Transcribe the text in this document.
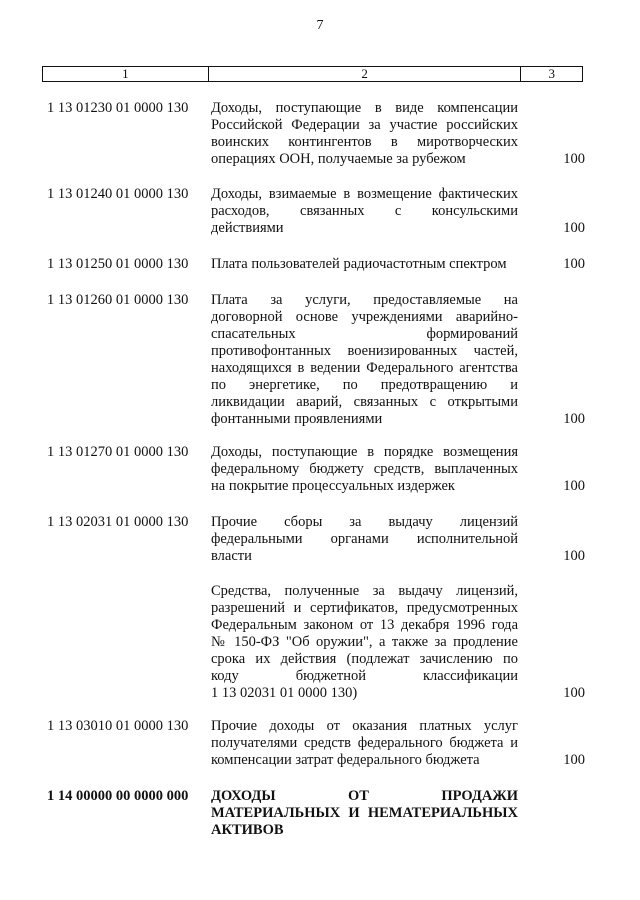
7
1	2	3
1 13 01230 01 0000 130	Доходы, поступающие в виде компенсации
Российской Федерации за участие российских
воинских контингентов в миротворческих
операциях ООН, получаемые за рубежом	100
1 13 01240 01 0000 130	Доходы, взимаемые в возмещение фактических
расходов, связанных с консульскими
действиями	100
1 13 01250 01 0000 130	Плата пользователей радиочастотным спектром	100
1 13 01260 01 0000 130	Плата за услуги, предоставляемые на
договорной основе учреждениями аварийно-
спасательных формирований
противофонтанных военизированных частей,
находящихся в ведении Федерального агентства
по энергетике, по предотвращению и
ликвидации аварий, связанных с открытыми
фонтанными проявлениями	100
1 13 01270 01 0000 130	Доходы, поступающие в порядке возмещения
федеральному бюджету средств, выплаченных
на покрытие процессуальных издержек	100
1 13 02031 01 0000 130	Прочие сборы за выдачу лицензий
федеральными органами исполнительной
власти	100
Средства, полученные за выдачу лицензий,
разрешений и сертификатов, предусмотренных
Федеральным законом от 13 декабря 1996 года
№ 150-ФЗ "Об оружии", а также за продление
срока их действия (подлежат зачислению по
коду бюджетной классификации
1 13 02031 01 0000 130)	100
1 13 03010 01 0000 130	Прочие доходы от оказания платных услуг
получателями средств федерального бюджета и
компенсации затрат федерального бюджета	100
1 14 00000 00 0000 000	ДОХОДЫ ОТ ПРОДАЖИ
МАТЕРИАЛЬНЫХ И НЕМАТЕРИАЛЬНЫХ
АКТИВОВ
